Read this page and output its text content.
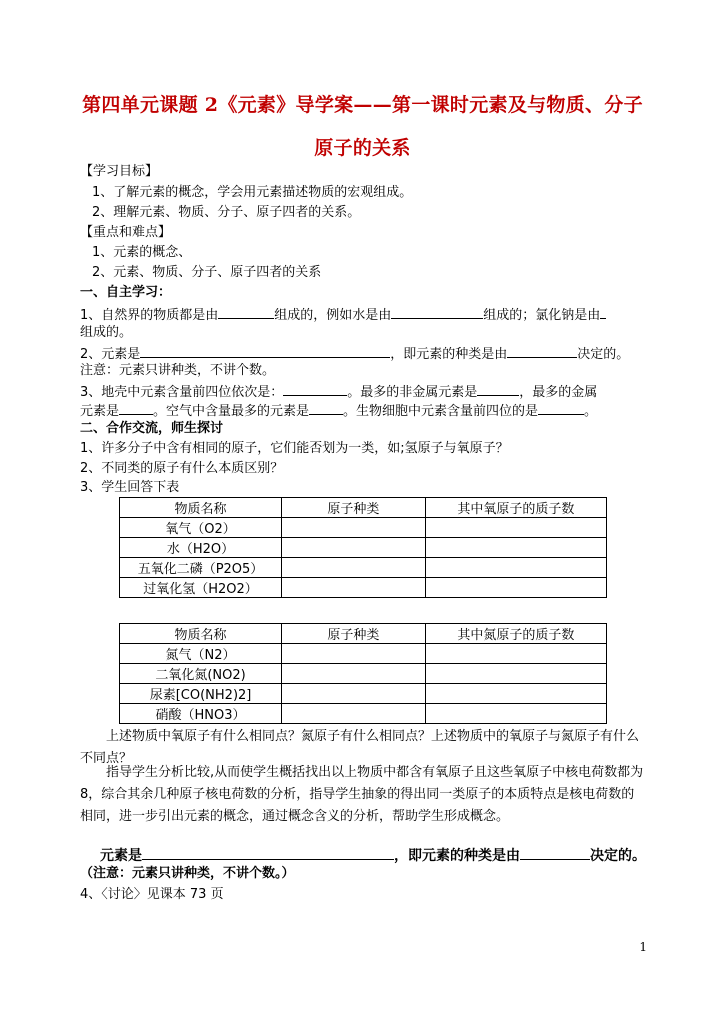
第四单元课题 2《元素》导学案——第一课时元素及与物质、分子
原子的关系
【学习目标】
1、了解元素的概念，学会用元素描述物质的宏观组成。
2、理解元素、物质、分子、原子四者的关系。
【重点和难点】
1、元素的概念、
2、元素、物质、分子、原子四者的关系
一、自主学习：
1、自然界的物质都是由	组成的，例如水是由	组成的；氯化钠是由
组成的。
2、元素是	，即元素的种类是由	决定的。
注意：元素只讲种类，不讲个数。
3、地壳中元素含量前四位依次是：	。最多的非金属元素是	，最多的金属
元素是	。空气中含量最多的元素是	。生物细胞中元素含量前四位的是	。
二、合作交流，师生探讨
1、许多分子中含有相同的原子，它们能否划为一类，如;氢原子与氧原子？
2、不同类的原子有什么本质区别？
3、学生回答下表
物质名称	原子种类	其中氧原子的质子数
氧气（O2）		
水（H2O）		
五氧化二磷（P2O5）		
过氧化氢（H2O2）		
物质名称	原子种类	其中氮原子的质子数
氮气（N2）		
二氧化氮(NO2)		
尿素[CO(NH2)2]		
硝酸（HNO3）		
上述物质中氧原子有什么相同点？氮原子有什么相同点？上述物质中的氧原子与氮原子有什么不同点？
指导学生分析比较,从而使学生概括找出以上物质中都含有氧原子且这些氧原子中核电荷数都为 8，综合其余几种原子核电荷数的分析，指导学生抽象的得出同一类原子的本质特点是核电荷数的相同，进一步引出元素的概念，通过概念含义的分析，帮助学生形成概念。
元素是	，即元素的种类是由	决定的。
（注意：元素只讲种类，不讲个数。）
4、〈讨论〉见课本 73 页
1
